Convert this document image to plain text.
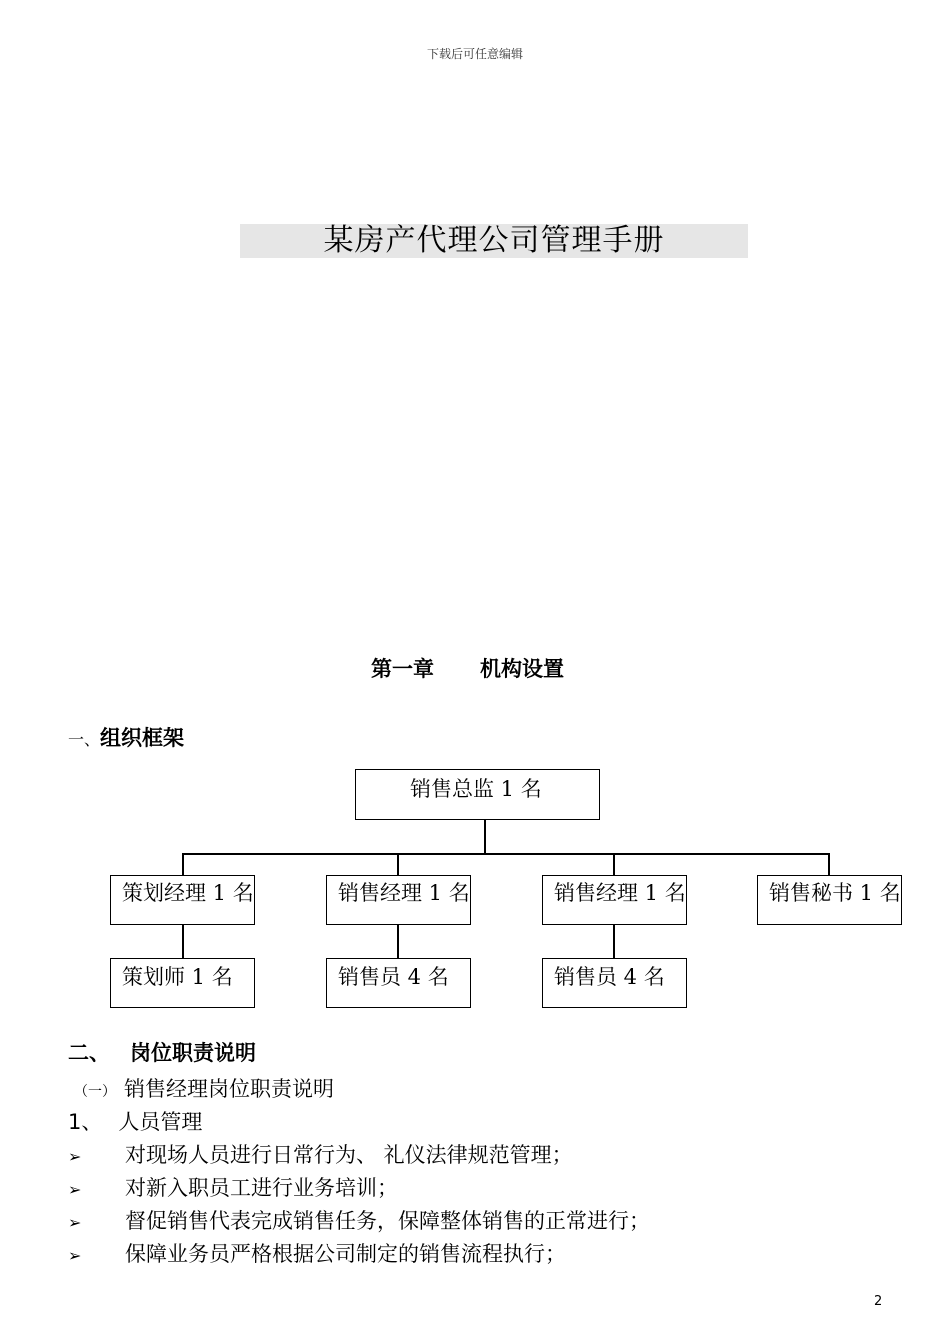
下载后可任意编辑
某房产代理公司管理手册
第一章 机构设置
一、组织框架
销售总监 1 名
策划经理 1 名	销售经理 1 名	销售经理 1 名	销售秘书 1 名
策划师 1 名	销售员 4 名	销售员 4 名
二、 岗位职责说明
（一） 销售经理岗位职责说明
1、 人员管理
➢ 对现场人员进行日常行为、 礼仪法律规范管理；
➢ 对新入职员工进行业务培训；
➢ 督促销售代表完成销售任务，保障整体销售的正常进行；
➢ 保障业务员严格根据公司制定的销售流程执行；
2
